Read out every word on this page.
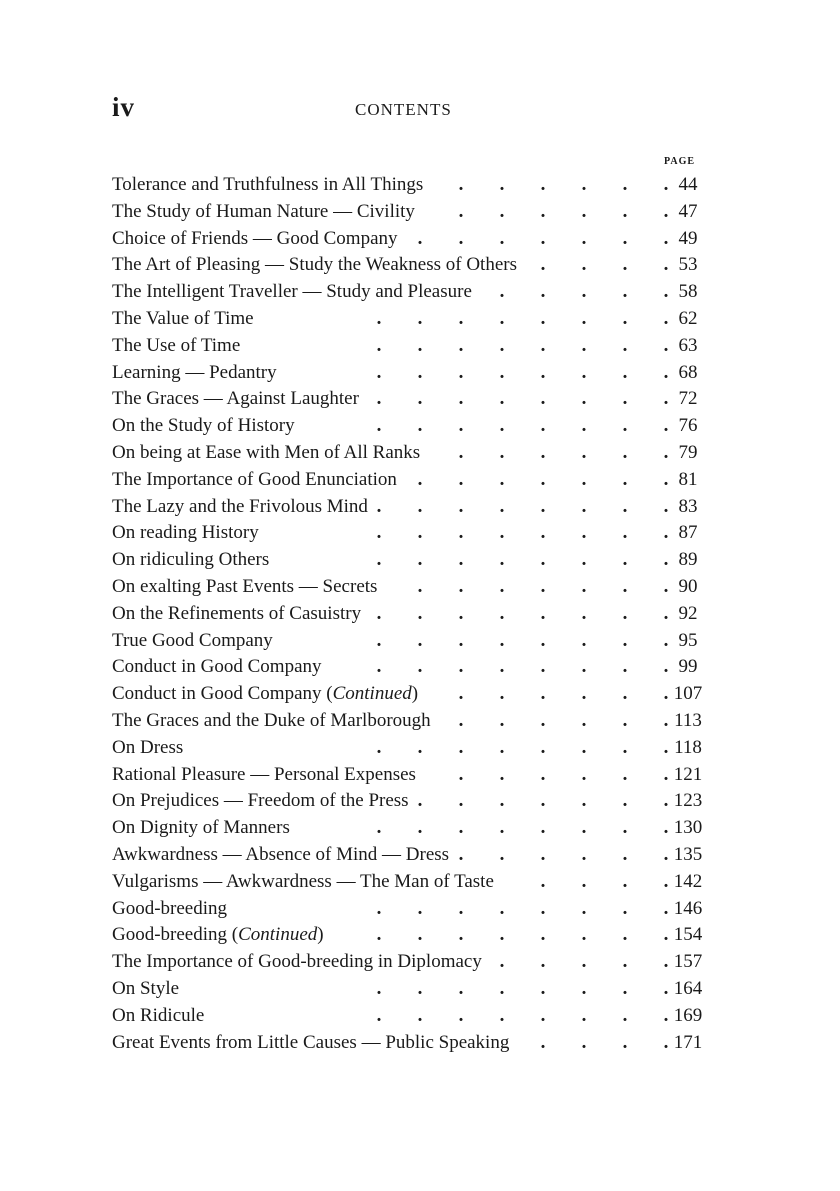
iv	CONTENTS
PAGE
Tolerance and Truthfulness in All Things . . . . . . 44
The Study of Human Nature — Civility . . . . . . 47
Choice of Friends — Good Company . . . . . . . 49
The Art of Pleasing — Study the Weakness of Others . . . . 53
The Intelligent Traveller — Study and Pleasure . . . . . 58
The Value of Time	. . . . . . . . 62
The Use of Time	. . . . . . . . 63
Learning — Pedantry	. . . . . . . . 68
The Graces — Against Laughter . . . . . . . . 72
On the Study of History	. . . . . . . . 76
On being at Ease with Men of All Ranks . . . . . . 79
The Importance of Good Enunciation . . . . . . . 81
The Lazy and the Frivolous Mind . . . . . . . . 83
On reading History	. . . . . . . . 87
On ridiculing Others	. . . . . . . . 89
On exalting Past Events — Secrets . . . . . . . 90
On the Refinements of Casuistry . . . . . . . . 92
True Good Company	. . . . . . . . 95
Conduct in Good Company	. . . . . . . . 99
Conduct in Good Company (Continued) . . . . . . 107
The Graces and the Duke of Marlborough . . . . . . 113
On Dress	. . . . . . . . 118
Rational Pleasure — Personal Expenses . . . . . . 121
On Prejudices — Freedom of the Press . . . . . . . 123
On Dignity of Manners	. . . . . . . . 130
Awkwardness — Absence of Mind — Dress . . . . . . 135
Vulgarisms — Awkwardness — The Man of Taste . . . . 142
Good-breeding	. . . . . . . . 146
Good-breeding (Continued)	. . . . . . . . 154
The Importance of Good-breeding in Diplomacy . . . . . 157
On Style	. . . . . . . . 164
On Ridicule	. . . . . . . . 169
Great Events from Little Causes — Public Speaking . . . . 171
